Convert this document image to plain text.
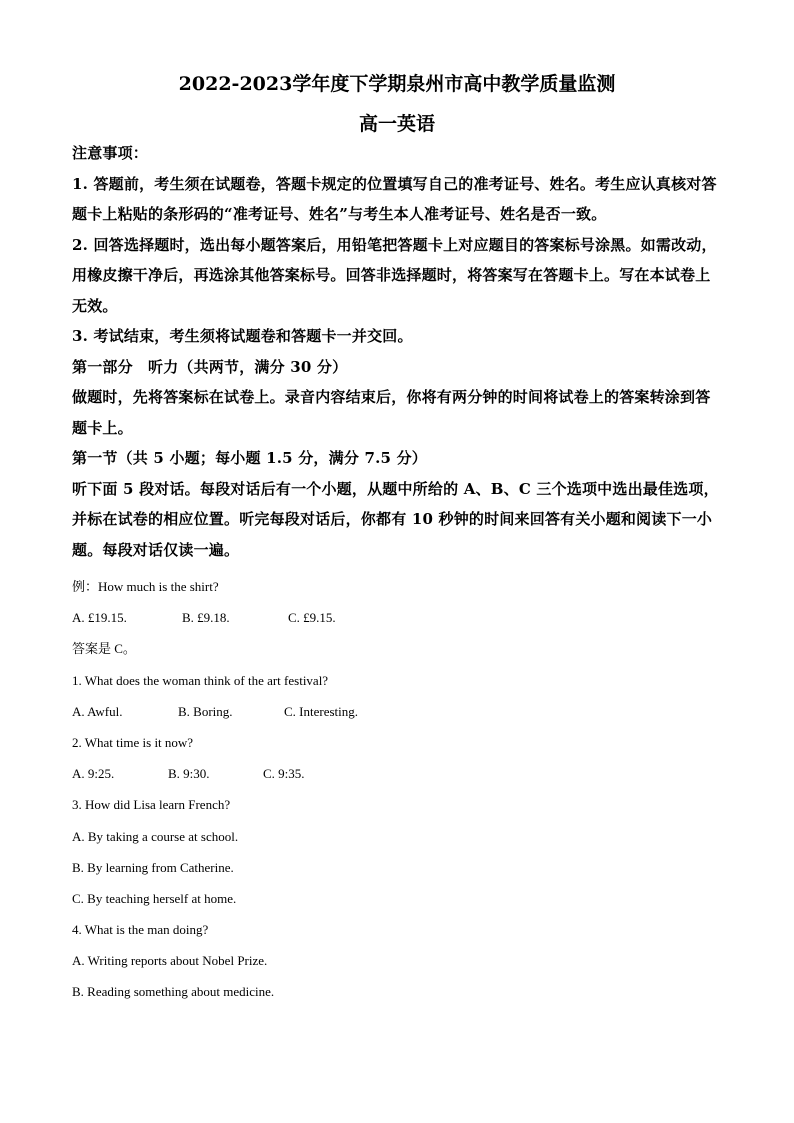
2022-2023学年度下学期泉州市高中教学质量监测
高一英语

注意事项：

1. 答题前，考生须在试题卷，答题卡规定的位置填写自己的准考证号、姓名。考生应认真核对答题卡上粘贴的条形码的“准考证号、姓名”与考生本人准考证号、姓名是否一致。

2. 回答选择题时，选出每小题答案后，用铅笔把答题卡上对应题目的答案标号涂黑。如需改动，用橡皮擦干净后，再选涂其他答案标号。回答非选择题时，将答案写在答题卡上。写在本试卷上无效。

3. 考试结束，考生须将试题卷和答题卡一并交回。

第一部分　听力（共两节，满分 30 分）

做题时，先将答案标在试卷上。录音内容结束后，你将有两分钟的时间将试卷上的答案转涂到答题卡上。

第一节（共 5 小题；每小题 1.5 分，满分 7.5 分）

听下面 5 段对话。每段对话后有一个小题，从题中所给的 A、B、C 三个选项中选出最佳选项，并标在试卷的相应位置。听完每段对话后，你都有 10 秒钟的时间来回答有关小题和阅读下一小题。每段对话仅读一遍。

例：How much is the shirt?
A. £19.15.	B. £9.18.	C. £9.15.
答案是 C。
1. What does the woman think of the art festival?
A. Awful.	B. Boring.	C. Interesting.
2. What time is it now?
A. 9:25.	B. 9:30.	C. 9:35.
3. How did Lisa learn French?
A. By taking a course at school.
B. By learning from Catherine.
C. By teaching herself at home.
4. What is the man doing?
A. Writing reports about Nobel Prize.
B. Reading something about medicine.
